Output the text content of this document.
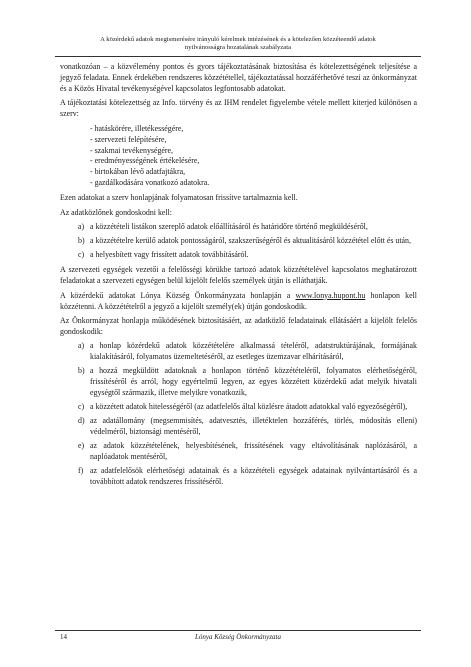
A közérdekű adatok megismerésére irányuló kérelmek intézésének és a kötelezően közzéteendő adatok
nyilvánosságra hozatalának szabályzata

vonatkozóan – a közvélemény pontos és gyors tájékoztatásának biztosítása és kötelezettségének teljesítése a jegyző feladata. Ennek érdekében rendszeres közzététellel, tájékoztatással hozzáférhetővé teszi az önkormányzat és a Közös Hivatal tevékenységével kapcsolatos legfontosabb adatokat.

A tájékoztatási kötelezettség az Info. törvény és az IHM rendelet figyelembe vétele mellett kiterjed különösen a szerv:

- hatáskörére, illetékességére,
- szervezeti felépítésére,
- szakmai tevékenységére,
- eredményességének értékelésére,
- birtokában lévő adatfajtákra,
- gazdálkodására vonatkozó adatokra.

Ezen adatokat a szerv honlapjának folyamatosan frissítve tartalmaznia kell.

Az adatközlőnek gondoskodni kell:

a) a közzétételi listákon szereplő adatok előállításáról és határidőre történő megküldéséről,
b) a közzétételre kerülő adatok pontosságáról, szakszerűségéről és aktualitásáról közzététel előtt és után,
c) a helyesbített vagy frissített adatok továbbításáról.

A szervezeti egységek vezetői a felelősségi körükbe tartozó adatok közzétételével kapcsolatos meghatározott feladatokat a szervezeti egységen belül kijelölt felelős személyek útján is elláthatják.

A közérdekű adatokat Lónya Község Önkormányzata honlapján a www.lonya.hupont.hu honlapon kell közzétenni. A közzétételről a jegyző a kijelölt személy(ek) útján gondoskodik.

Az Önkormányzat honlapja működésének biztosításáért, az adatközlő feladatainak ellátásáért a kijelölt felelős gondoskodik:

a) a honlap közérdekű adatok közzétételére alkalmassá tételéről, adatstruktúrájának, formájának kialakításáról, folyamatos üzemeltetéséről, az esetleges üzemzavar elhárításáról,
b) a hozzá megküldött adatoknak a honlapon történő közzétételéről, folyamatos elérhetőségéről, frissítéséről és arról, hogy egyértelmű legyen, az egyes közzétett közérdekű adat melyik hivatali egységtől származik, illetve melyikre vonatkozik,
c) a közzétett adatok hitelességéről (az adatfelelős által közlésre átadott adatokkal való egyezőségéről),
d) az adatállomány (megsemmisítés, adatvesztés, illetéktelen hozzáférés, törlés, módosítás elleni) védelméről, biztonsági mentéséről,
e) az adatok közzétételének, helyesbítésének, frissítésének vagy eltávolításának naplózásáról, a naplóadatok mentéséről,
f) az adatfelelősök elérhetőségi adatainak és a közzétételi egységek adatainak nyilvántartásáról és a továbbított adatok rendszeres frissítéséről.
14	Lónya Község Önkormányzata
